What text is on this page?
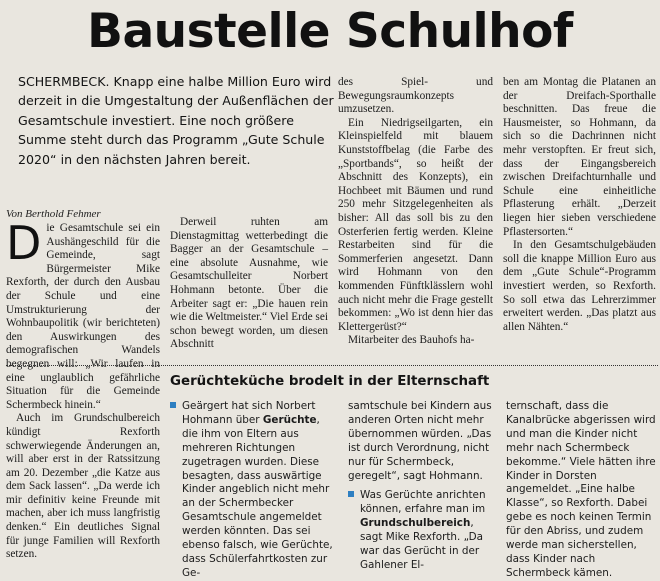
Baustelle Schulhof

SCHERMBECK. Knapp eine halbe Million Euro wird derzeit in die Umgestaltung der Außenflächen der Gesamtschule investiert. Eine noch größere Summe steht durch das Programm „Gute Schule 2020“ in den nächsten Jahren bereit.

Von Berthold Fehmer

Die Gesamtschule sei ein Aushängeschild für die Gemeinde, sagt Bürgermeister Mike Rexforth, der durch den Ausbau der Schule und eine Umstrukturierung der Wohnbaupolitik (wir berichteten) den Auswirkungen des demografischen Wandels begegnen will: „Wir laufen in eine unglaublich gefährliche Situation für die Gemeinde Schermbeck hinein.“

Auch im Grundschulbereich kündigt Rexforth schwerwiegende Änderungen an, will aber erst in der Ratssitzung am 20. Dezember „die Katze aus dem Sack lassen“. „Da werde ich mir definitiv keine Freunde mit machen, aber ich muss langfristig denken.“ Ein deutliches Signal für junge Familien will Rexforth setzen.

Derweil ruhten am Dienstagmittag wetterbedingt die Bagger an der Gesamtschule – eine absolute Ausnahme, wie Gesamtschulleiter Norbert Hohmann betonte. Über die Arbeiter sagt er: „Die hauen rein wie die Weltmeister.“ Viel Erde sei schon bewegt worden, um diesen Abschnitt

des Spiel- und Bewegungsraumkonzepts umzusetzen.

Ein Niedrigseilgarten, ein Kleinspielfeld mit blauem Kunststoffbelag (die Farbe des „Sportbands“, so heißt der Abschnitt des Konzepts), ein Hochbeet mit Bäumen und rund 250 mehr Sitzgelegenheiten als bisher: All das soll bis zu den Osterferien fertig werden. Kleine Restarbeiten sind für die Sommerferien angesetzt. Dann wird Hohmann von den kommenden Fünftklässlern wohl auch nicht mehr die Frage gestellt bekommen: „Wo ist denn hier das Klettergerüst?“

Mitarbeiter des Bauhofs ha-

ben am Montag die Platanen an der Dreifach-Sporthalle beschnitten. Das freue die Hausmeister, so Hohmann, da sich so die Dachrinnen nicht mehr verstopften. Er freut sich, dass der Eingangsbereich zwischen Dreifachturnhalle und Schule eine einheitliche Pflasterung erhält. „Derzeit liegen hier sieben verschiedene Pflastersorten.“

In den Gesamtschulgebäuden soll die knappe Million Euro aus dem „Gute Schule“-Programm investiert werden, so Rexforth. So soll etwa das Lehrerzimmer erweitert werden. „Das platzt aus allen Nähten.“

Gerüchteküche brodelt in der Elternschaft

Geärgert hat sich Norbert Hohmann über Gerüchte, die ihm von Eltern aus mehreren Richtungen zugetragen wurden. Diese besagten, dass auswärtige Kinder angeblich nicht mehr an der Schermbecker Gesamtschule angemeldet werden könnten. Das sei ebenso falsch, wie Gerüchte, dass Schülerfahrtkosten zur Ge-

samtschule bei Kindern aus anderen Orten nicht mehr übernommen würden. „Das ist durch Verordnung, nicht nur für Schermbeck, geregelt“, sagt Hohmann.

Was Gerüchte anrichten können, erfahre man im Grundschulbereich, sagt Mike Rexforth. „Da war das Gerücht in der Gahlener El-

ternschaft, dass die Kanalbrücke abgerissen wird und man die Kinder nicht mehr nach Schermbeck bekomme.“ Viele hätten ihre Kinder in Dorsten angemeldet. „Eine halbe Klasse“, so Rexforth. Dabei gebe es noch keinen Termin für den Abriss, und zudem werde man sicherstellen, dass Kinder nach Schermbeck kämen.
